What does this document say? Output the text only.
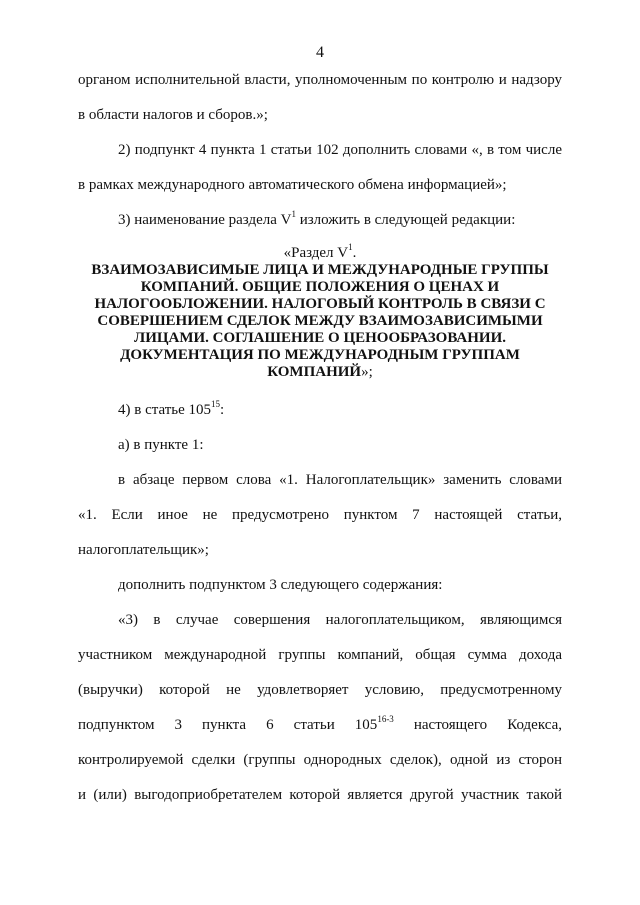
4
органом исполнительной власти, уполномоченным по контролю и надзору
в области налогов и сборов.»;
2) подпункт 4 пункта 1 статьи 102 дополнить словами «, в том числе
в рамках международного автоматического обмена информацией»;
3) наименование раздела $V^1$ изложить в следующей редакции:
«Раздел $V^1$.
ВЗАИМОЗАВИСИМЫЕ ЛИЦА И МЕЖДУНАРОДНЫЕ ГРУППЫ
КОМПАНИЙ. ОБЩИЕ ПОЛОЖЕНИЯ О ЦЕНАХ И
НАЛОГООБЛОЖЕНИИ. НАЛОГОВЫЙ КОНТРОЛЬ В СВЯЗИ С
СОВЕРШЕНИЕМ СДЕЛОК МЕЖДУ ВЗАИМОЗАВИСИМЫМИ
ЛИЦАМИ. СОГЛАШЕНИЕ О ЦЕНООБРАЗОВАНИИ.
ДОКУМЕНТАЦИЯ ПО МЕЖДУНАРОДНЫМ ГРУППАМ
КОМПАНИЙ»;
4) в статье $105^{15}$:
а) в пункте 1:
в абзаце первом слова «1. Налогоплательщик» заменить словами
«1. Если иное не предусмотрено пунктом 7 настоящей статьи,
налогоплательщик»;
дополнить подпунктом 3 следующего содержания:
«3) в случае совершения налогоплательщиком, являющимся
участником международной группы компаний, общая сумма дохода
(выручки) которой не удовлетворяет условию, предусмотренному
подпунктом 3 пункта 6 статьи 105$^{16-3}$ настоящего Кодекса,
контролируемой сделки (группы однородных сделок), одной из сторон
и (или) выгодоприобретателем которой является другой участник такой
